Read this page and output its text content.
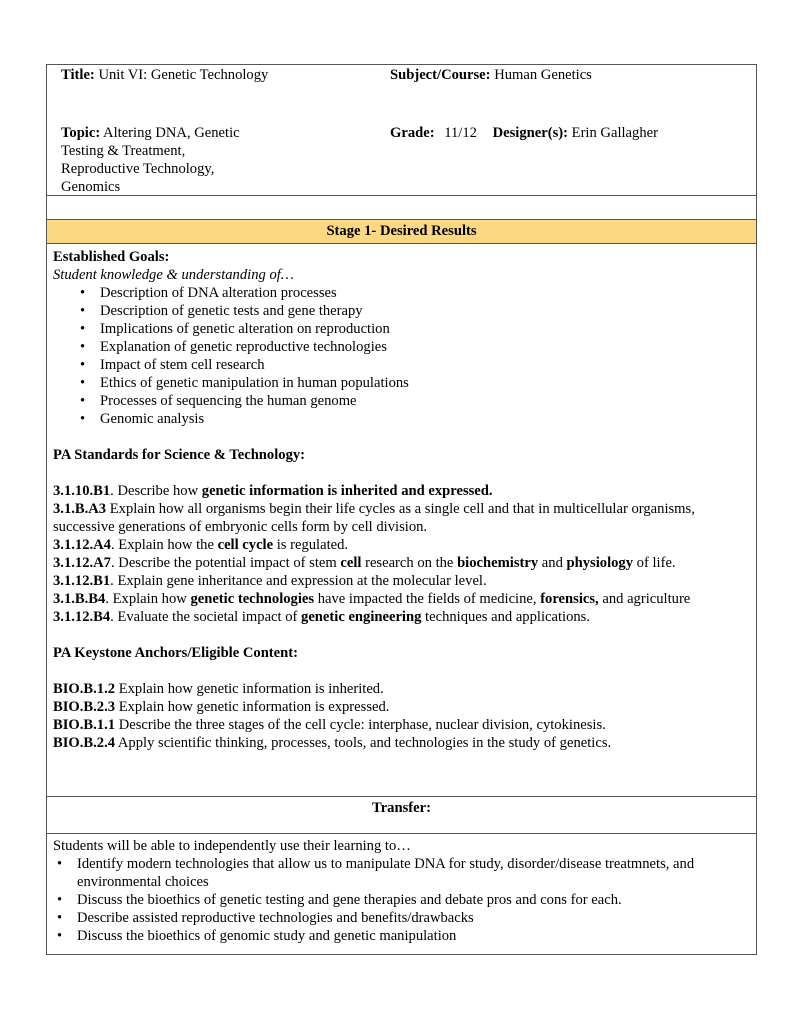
Title: Unit VI: Genetic Technology	Subject/Course: Human Genetics
Topic: Altering DNA, Genetic
Testing & Treatment,
Reproductive Technology,
Genomics
Grade: 11/12 Designer(s): Erin Gallagher
Stage 1- Desired Results

Established Goals:

Student knowledge & understanding of…

• Description of DNA alteration processes
• Description of genetic tests and gene therapy
• Implications of genetic alteration on reproduction
• Explanation of genetic reproductive technologies
• Impact of stem cell research
• Ethics of genetic manipulation in human populations
• Processes of sequencing the human genome
• Genomic analysis

PA Standards for Science & Technology:

3.1.10.B1. Describe how genetic information is inherited and expressed.

3.1.B.A3 Explain how all organisms begin their life cycles as a single cell and that in multicellular organisms, successive generations of embryonic cells form by cell division.

3.1.12.A4. Explain how the cell cycle is regulated.

3.1.12.A7. Describe the potential impact of stem cell research on the biochemistry and physiology of life.

3.1.12.B1. Explain gene inheritance and expression at the molecular level.

3.1.B.B4. Explain how genetic technologies have impacted the fields of medicine, forensics, and agriculture

3.1.12.B4. Evaluate the societal impact of genetic engineering techniques and applications.

PA Keystone Anchors/Eligible Content:

BIO.B.1.2 Explain how genetic information is inherited.

BIO.B.2.3 Explain how genetic information is expressed.

BIO.B.1.1 Describe the three stages of the cell cycle: interphase, nuclear division, cytokinesis.

BIO.B.2.4 Apply scientific thinking, processes, tools, and technologies in the study of genetics.

Transfer:

Students will be able to independently use their learning to…

• Identify modern technologies that allow us to manipulate DNA for study, disorder/disease treatmnets, and environmental choices
• Discuss the bioethics of genetic testing and gene therapies and debate pros and cons for each.
• Describe assisted reproductive technologies and benefits/drawbacks
• Discuss the bioethics of genomic study and genetic manipulation
